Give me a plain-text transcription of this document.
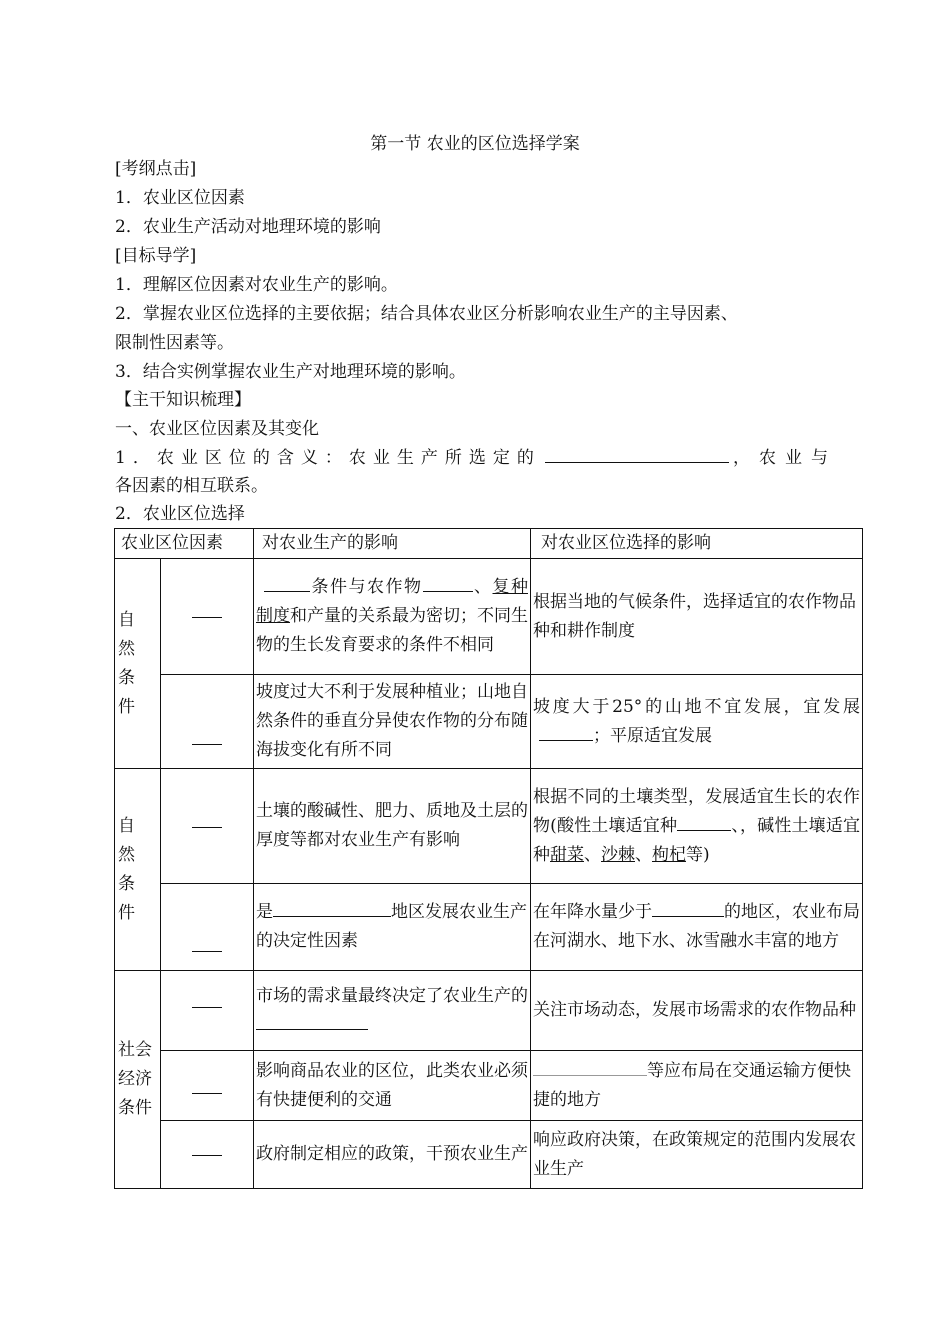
第一节 农业的区位选择学案
[考纲点击]
1．农业区位因素
2．农业生产活动对地理环境的影响
[目标导学]
1．理解区位因素对农业生产的影响。
2．掌握农业区位选择的主要依据；结合具体农业区分析影响农业生产的主导因素、
限制性因素等。
3．结合实例掌握农业生产对地理环境的影响。
【主干知识梳理】
一、农业区位因素及其变化
1．农业区位的含义：农业生产所选定的	，农业与
各因素的相互联系。
2．农业区位选择
农业区位因素		对农业生产的影响	对农业区位选择的影响

自然条件		条件与农作物 、复种制度和产量的关系最为密切；不同生物的生长发育要求的条件不相同	根据当地的气候条件，选择适宜的农作物品种和耕作制度
		坡度过大不利于发展种植业；山地自然条件的垂直分异使农作物的分布随海拔变化有所不同	坡度大于25°的山地不宜发展，宜发展；平原适宜发展

自然条件		土壤的酸碱性、肥力、质地及土层的厚度等都对农业生产有影响	根据不同的土壤类型，发展适宜生长的农作物(酸性土壤适宜种 、，碱性土壤适宜种甜菜、沙棘、枸杞等)
		是 地区发展农业生产的决定性因素	在年降水量少于 的地区，农业布局在河湖水、地下水、冰雪融水丰富的地方

社会经济条件		市场的需求量最终决定了农业生产的	关注市场动态，发展市场需求的农作物品种
		影响商品农业的区位，此类农业必须有快捷便利的交通	等应布局在交通运输方便快捷的地方
		政府制定相应的政策，干预农业生产	响应政府决策，在政策规定的范围内发展农业生产
